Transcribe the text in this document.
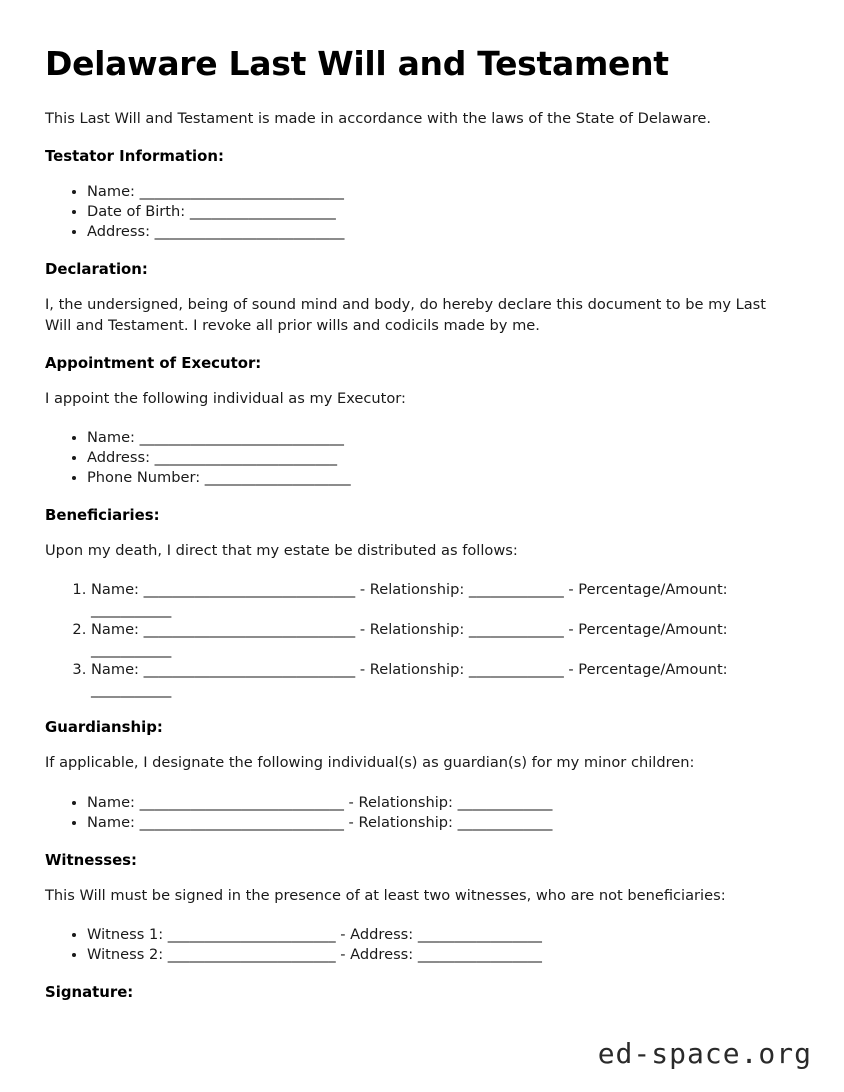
Delaware Last Will and Testament

This Last Will and Testament is made in accordance with the laws of the State of Delaware.

Testator Information:
• Name: ____________________________
• Date of Birth: ____________________
• Address: __________________________
Declaration:

I, the undersigned, being of sound mind and body, do hereby declare this document to be my Last Will and Testament. I revoke all prior wills and codicils made by me.

Appointment of Executor:

I appoint the following individual as my Executor:

• Name: ____________________________
• Address: _________________________
• Phone Number: ____________________
Beneficiaries:

Upon my death, I direct that my estate be distributed as follows:

1. Name: _____________________________ - Relationship: _____________ - Percentage/Amount: ___________
2. Name: _____________________________ - Relationship: _____________ - Percentage/Amount: ___________
3. Name: _____________________________ - Relationship: _____________ - Percentage/Amount: ___________
Guardianship:

If applicable, I designate the following individual(s) as guardian(s) for my minor children:

• Name: ____________________________ - Relationship: _____________
• Name: ____________________________ - Relationship: _____________
Witnesses:

This Will must be signed in the presence of at least two witnesses, who are not beneficiaries:

• Witness 1: _______________________ - Address: _________________
• Witness 2: _______________________ - Address: _________________
Signature:
ed-space.org
